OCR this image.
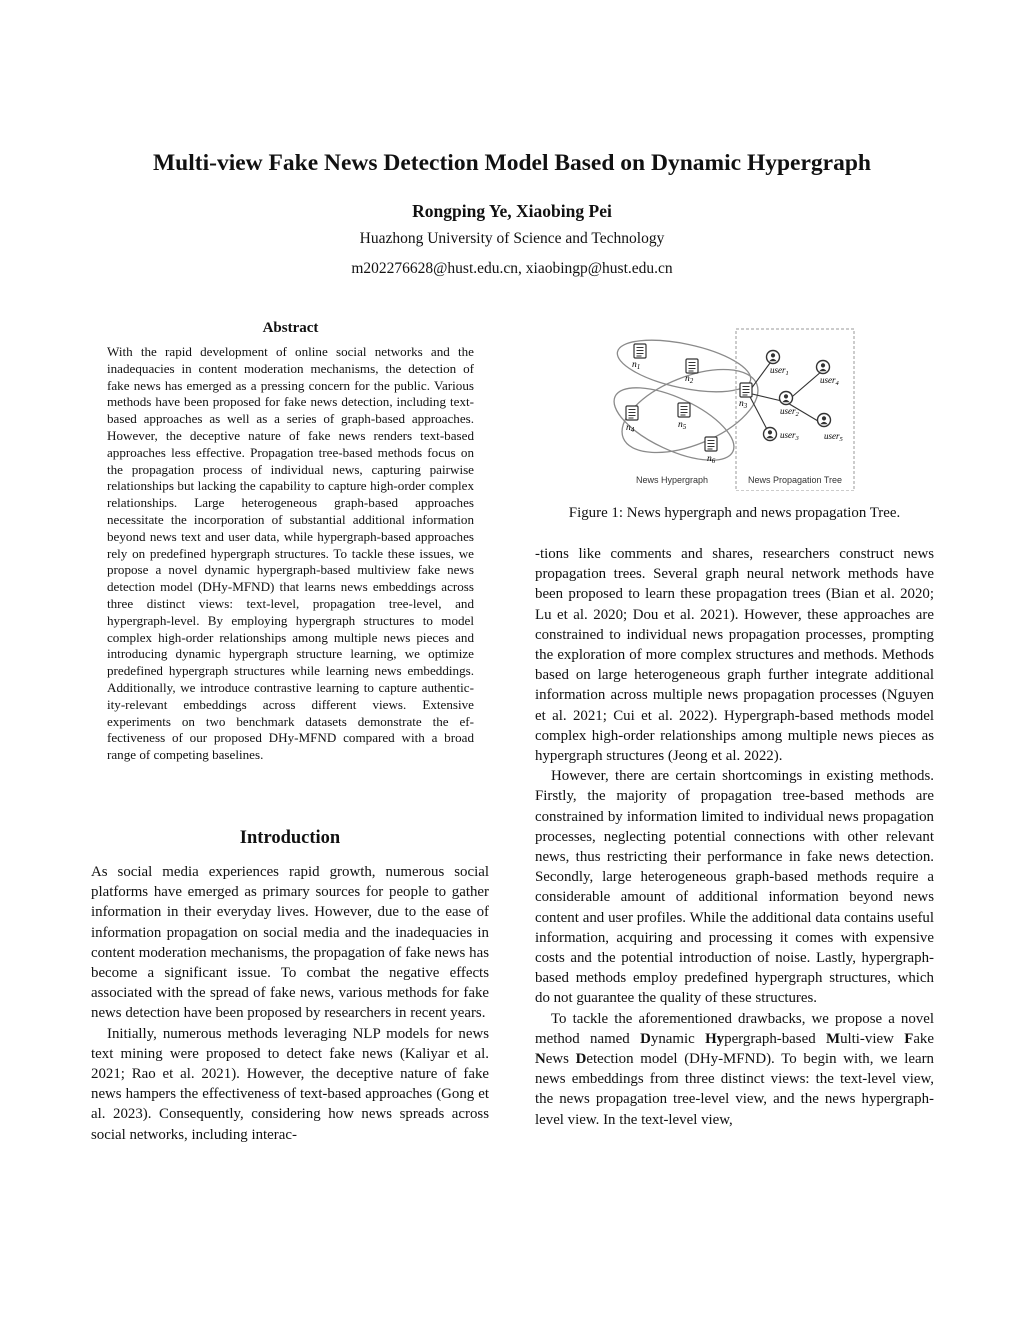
Multi-view Fake News Detection Model Based on Dynamic Hypergraph
Rongping Ye, Xiaobing Pei
Huazhong University of Science and Technology
m202276628@hust.edu.cn, xiaobingp@hust.edu.cn
Abstract

With the rapid development of online social networks and the inadequacies in content moderation mechanisms, the detection of fake news has emerged as a pressing concern for the public. Various methods have been proposed for fake news detection, including text-based approaches as well as a series of graph-based approaches. However, the deceptive nature of fake news renders text-based approaches less effective. Propagation tree-based methods focus on the propagation process of individual news, capturing pairwise relationships but lacking the capability to capture high-order complex relationships. Large heterogeneous graph-based approaches necessitate the incorporation of substantial additional information beyond news text and user data, while hypergraph-based approaches rely on predefined hypergraph structures. To tackle these issues, we propose a novel dynamic hypergraph-based multiview fake news detection model (DHy-MFND) that learns news embeddings across three distinct views: text-level, propagation tree-level, and hypergraph-level. By employing hypergraph structures to model complex high-order relationships among multiple news pieces and introducing dynamic hypergraph structure learning, we optimize predefined hypergraph structures while learning news embeddings. Additionally, we introduce contrastive learning to capture authenticity-relevant embeddings across different views. Extensive experiments on two benchmark datasets demonstrate the effectiveness of our proposed DHy-MFND compared with a broad range of competing baselines.

Introduction

As social media experiences rapid growth, numerous social platforms have emerged as primary sources for people to gather information in their everyday lives. However, due to the ease of information propagation on social media and the inadequacies in content moderation mechanisms, the propagation of fake news has become a significant issue. To combat the negative effects associated with the spread of fake news, various methods for fake news detection have been proposed by researchers in recent years.

Initially, numerous methods leveraging NLP models for news text mining were proposed to detect fake news (Kaliyar et al. 2021; Rao et al. 2021). However, the deceptive nature of fake news hampers the effectiveness of text-based approaches (Gong et al. 2023). Consequently, considering how news spreads across social networks, including interac-

$n_1$
$n_2$
$n_3$
$n_4$	$n_5$
$n_6$
user$_1$
user$_2$
user$_3$
user$_4$
user$_5$
News Hypergraph	News Propagation Tree
Figure 1: News hypergraph and news propagation Tree.

-tions like comments and shares, researchers construct news propagation trees. Several graph neural network methods have been proposed to learn these propagation trees (Bian et al. 2020; Lu et al. 2020; Dou et al. 2021). However, these approaches are constrained to individual news propagation processes, prompting the exploration of more complex structures and methods. Methods based on large heterogeneous graph further integrate additional information across multiple news propagation processes (Nguyen et al. 2021; Cui et al. 2022). Hypergraph-based methods model complex high-order relationships among multiple news pieces as hypergraph structures (Jeong et al. 2022).

However, there are certain shortcomings in existing methods. Firstly, the majority of propagation tree-based methods are constrained by information limited to individual news propagation processes, neglecting potential connections with other relevant news, thus restricting their performance in fake news detection. Secondly, large heterogeneous graph-based methods require a considerable amount of additional information beyond news content and user profiles. While the additional data contains useful information, acquiring and processing it comes with expensive costs and the potential introduction of noise. Lastly, hypergraph-based methods employ predefined hypergraph structures, which do not guarantee the quality of these structures.

To tackle the aforementioned drawbacks, we propose a novel method named Dynamic Hypergraph-based Multi-view Fake News Detection model (DHy-MFND). To begin with, we learn news embeddings from three distinct views: the text-level view, the news propagation tree-level view, and the news hypergraph-level view. In the text-level view,
